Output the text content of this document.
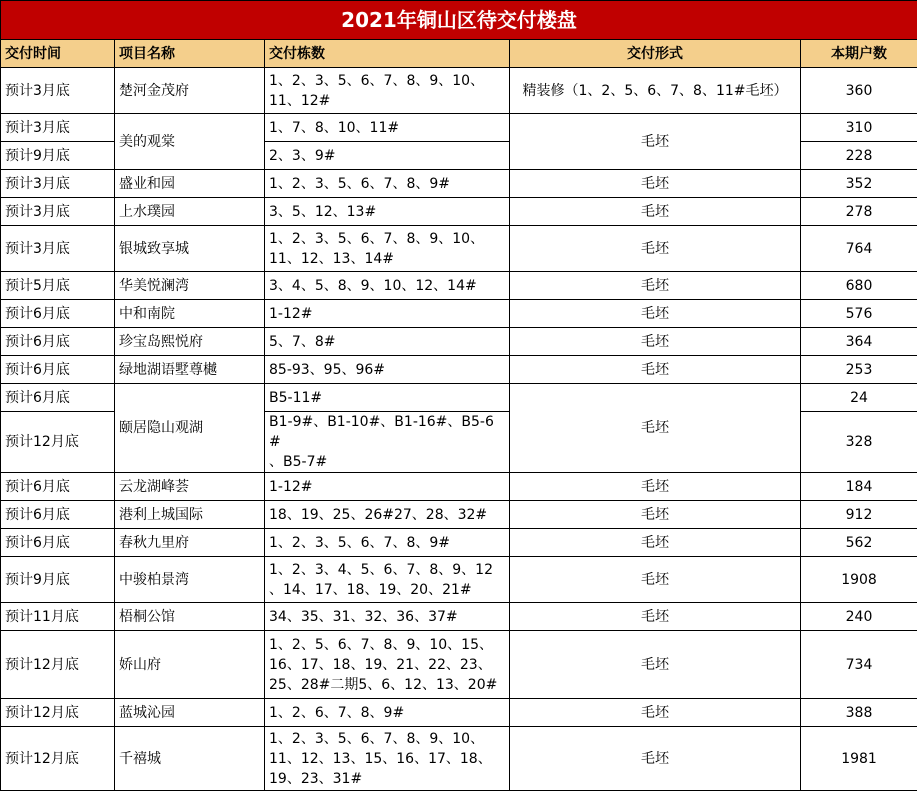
2021年铜山区待交付楼盘				
交付时间	项目名称	交付栋数	交付形式	本期户数
预计3月底	楚河金茂府	1、2、3、5、6、7、8、9、10、
11、12#	精装修（1、2、5、6、7、8、11#毛坯）	360
预计3月底	美的观棠	1、7、8、10、11#	毛坯	310
预计9月底		2、3、9#		228
预计3月底	盛业和园	1、2、3、5、6、7、8、9#	毛坯	352
预计3月底	上水璞园	3、5、12、13#	毛坯	278
预计3月底	银城致享城	1、2、3、5、6、7、8、9、10、
11、12、13、14#	毛坯	764
预计5月底	华美悦澜湾	3、4、5、8、9、10、12、14#	毛坯	680
预计6月底	中和南院	1-12#	毛坯	576
预计6月底	珍宝岛熙悦府	5、7、8#	毛坯	364
预计6月底	绿地湖语墅尊樾	85-93、95、96#	毛坯	253
预计6月底	颐居隐山观湖	B5-11#	毛坯	24
预计12月底		B1-9#、B1-10#、B1-16#、B5-6#
、B5-7#		328
预计6月底	云龙湖峰荟	1-12#	毛坯	184
预计6月底	港利上城国际	18、19、25、26#27、28、32#	毛坯	912
预计6月底	春秋九里府	1、2、3、5、6、7、8、9#	毛坯	562
预计9月底	中骏柏景湾	1、2、3、4、5、6、7、8、9、12
、14、17、18、19、20、21#	毛坯	1908
预计11月底	梧桐公馆	34、35、31、32、36、37#	毛坯	240
预计12月底	娇山府	1、2、5、6、7、8、9、10、15、
16、17、18、19、21、22、23、
25、28#二期5、6、12、13、20#	毛坯	734
预计12月底	蓝城沁园	1、2、6、7、8、9#	毛坯	388
预计12月底	千禧城	1、2、3、5、6、7、8、9、10、
11、12、13、15、16、17、18、
19、23、31#	毛坯	1981
